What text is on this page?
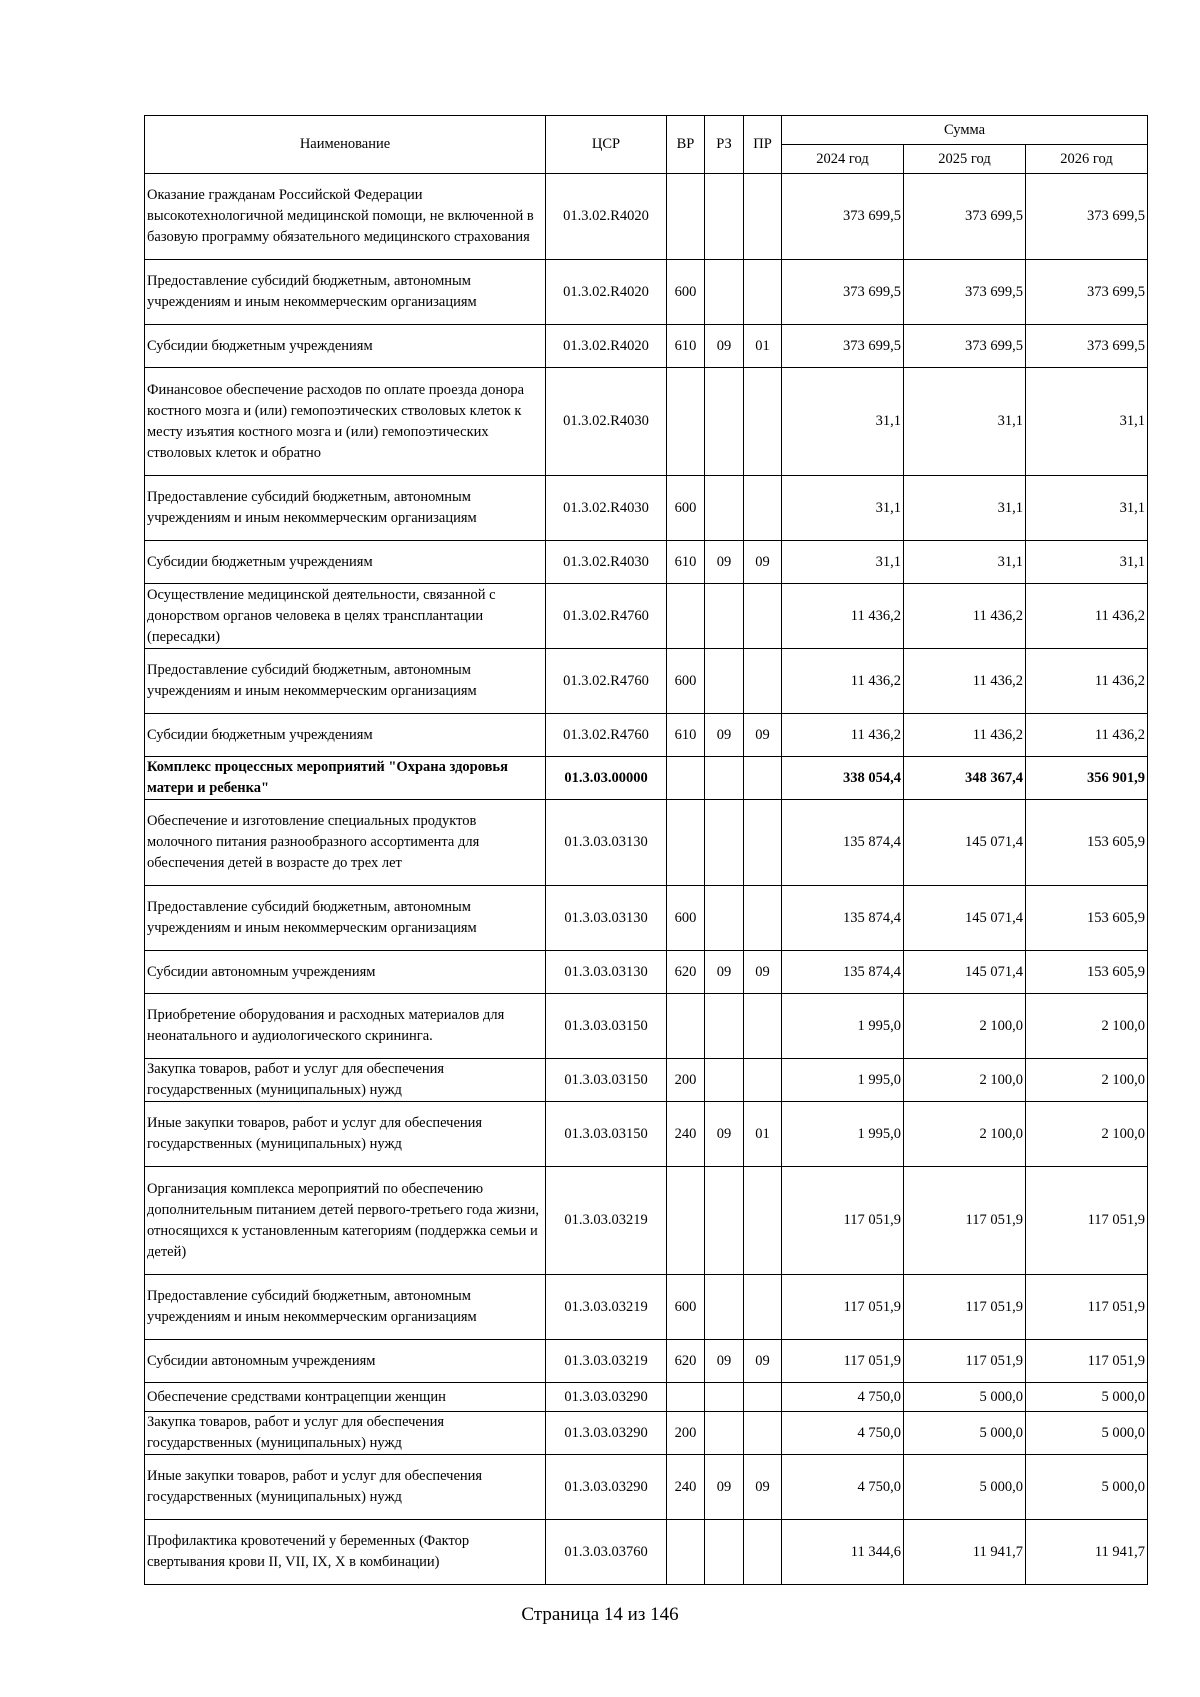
Наименование	ЦСР	ВР	РЗ	ПР	Сумма		
					2024 год	2025 год	2026 год
Оказание гражданам Российской Федерации высокотехнологичной медицинской помощи, не включенной в базовую программу обязательного медицинского страхования	01.3.02.R4020				373 699,5	373 699,5	373 699,5
Предоставление субсидий бюджетным, автономным учреждениям и иным некоммерческим организациям	01.3.02.R4020	600			373 699,5	373 699,5	373 699,5
Субсидии бюджетным учреждениям	01.3.02.R4020	610	09	01	373 699,5	373 699,5	373 699,5
Финансовое обеспечение расходов по оплате проезда донора костного мозга и (или) гемопоэтических стволовых клеток к месту изъятия костного мозга и (или) гемопоэтических стволовых клеток и обратно	01.3.02.R4030				31,1	31,1	31,1
Предоставление субсидий бюджетным, автономным учреждениям и иным некоммерческим организациям	01.3.02.R4030	600			31,1	31,1	31,1
Субсидии бюджетным учреждениям	01.3.02.R4030	610	09	09	31,1	31,1	31,1
Осуществление медицинской деятельности, связанной с донорством органов человека в целях трансплантации (пересадки)	01.3.02.R4760				11 436,2	11 436,2	11 436,2
Предоставление субсидий бюджетным, автономным учреждениям и иным некоммерческим организациям	01.3.02.R4760	600			11 436,2	11 436,2	11 436,2
Субсидии бюджетным учреждениям	01.3.02.R4760	610	09	09	11 436,2	11 436,2	11 436,2
Комплекс процессных мероприятий "Охрана здоровья матери и ребенка"	01.3.03.00000				338 054,4	348 367,4	356 901,9
Обеспечение и изготовление специальных продуктов молочного питания разнообразного ассортимента для обеспечения детей в возрасте до трех лет	01.3.03.03130				135 874,4	145 071,4	153 605,9
Предоставление субсидий бюджетным, автономным учреждениям и иным некоммерческим организациям	01.3.03.03130	600			135 874,4	145 071,4	153 605,9
Субсидии автономным учреждениям	01.3.03.03130	620	09	09	135 874,4	145 071,4	153 605,9
Приобретение оборудования и расходных материалов для неонатального и аудиологического скрининга.	01.3.03.03150				1 995,0	2 100,0	2 100,0
Закупка товаров, работ и услуг для обеспечения государственных (муниципальных) нужд	01.3.03.03150	200			1 995,0	2 100,0	2 100,0
Иные закупки товаров, работ и услуг для обеспечения государственных (муниципальных) нужд	01.3.03.03150	240	09	01	1 995,0	2 100,0	2 100,0
Организация комплекса мероприятий по обеспечению дополнительным питанием детей первого-третьего года жизни, относящихся к установленным категориям (поддержка семьи и детей)	01.3.03.03219				117 051,9	117 051,9	117 051,9
Предоставление субсидий бюджетным, автономным учреждениям и иным некоммерческим организациям	01.3.03.03219	600			117 051,9	117 051,9	117 051,9
Субсидии автономным учреждениям	01.3.03.03219	620	09	09	117 051,9	117 051,9	117 051,9
Обеспечение средствами контрацепции женщин	01.3.03.03290				4 750,0	5 000,0	5 000,0
Закупка товаров, работ и услуг для обеспечения государственных (муниципальных) нужд	01.3.03.03290	200			4 750,0	5 000,0	5 000,0
Иные закупки товаров, работ и услуг для обеспечения государственных (муниципальных) нужд	01.3.03.03290	240	09	09	4 750,0	5 000,0	5 000,0
Профилактика кровотечений у беременных (Фактор свертывания крови II, VII, IX, X в комбинации)	01.3.03.03760				11 344,6	11 941,7	11 941,7
Страница 14 из 146
